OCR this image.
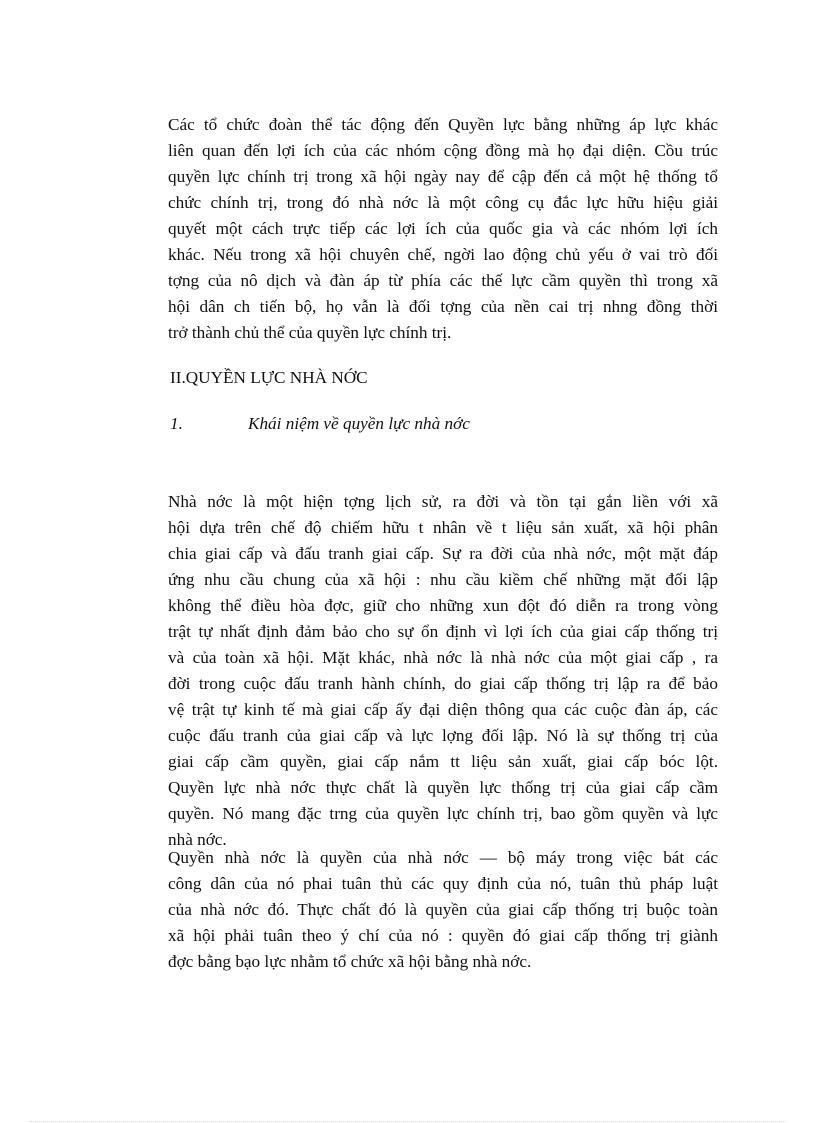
Các tổ chức đoàn thể tác động đến Quyền lực bằng những áp lực khác
liên quan đến lợi ích của các nhóm cộng đồng mà họ đại diện. Cồu trúc
quyền lực chính trị trong xã hội ngày nay để cập đến cả một hệ thống tổ
chức chính trị, trong đó nhà nớc là một công cụ đắc lực hữu hiệu giải
quyết một cách trực tiếp các lợi ích của quốc gia và các nhóm lợi ích
khác. Nếu trong xã hội chuyên chế, ngời lao động chủ yếu ở vai trò đối
tợng của nô dịch và đàn áp từ phía các thế lực cầm quyền thì trong xã
hội dân ch tiến bộ, họ vẫn là đối tợng của nền cai trị nhng đồng thời
trở thành chủ thể của quyền lực chính trị.
II.QUYỀN LỰC NHÀ NỚC
1.	Khái niệm về quyền lực nhà nớc
Nhà nớc là một hiện tợng lịch sử, ra đời và tồn tại gắn liền với xã
hội dựa trên chế độ chiếm hữu t nhân về t liệu sản xuất, xã hội phân
chia giai cấp và đấu tranh giai cấp. Sự ra đời của nhà nớc, một mặt đáp
ứng nhu cầu chung của xã hội : nhu cầu kiềm chế những mặt đối lập
không thể điều hòa đợc, giữ cho những xun đột đó diễn ra trong vòng
trật tự nhất định đảm bảo cho sự ổn định vì lợi ích của giai cấp thống trị
và của toàn xã hội. Mặt khác, nhà nớc là nhà nớc của một giai cấp , ra
đời trong cuộc đấu tranh hành chính, do giai cấp thống trị lập ra để bảo
vệ trật tự kinh tế mà giai cấp ấy đại diện thông qua các cuộc đàn áp, các
cuộc đấu tranh của giai cấp và lực lợng đối lập. Nó là sự thống trị của
giai cấp cầm quyền, giai cấp nắm tt liệu sản xuất, giai cấp bóc lột.
Quyền lực nhà nớc thực chất là quyền lực thống trị của giai cấp cầm
quyền. Nó mang đặc trng của quyền lực chính trị, bao gồm quyền và lực
nhà nớc.
Quyền nhà nớc là quyền của nhà nớc — bộ máy trong việc bát các
công dân của nó phai tuân thủ các quy định của nó, tuân thủ pháp luật
của nhà nớc đó. Thực chất đó là quyền của giai cấp thống trị buộc toàn
xã hội phải tuân theo ý chí của nó : quyền đó giai cấp thống trị giành
đợc bằng bạo lực nhằm tổ chức xã hội bằng nhà nớc.
